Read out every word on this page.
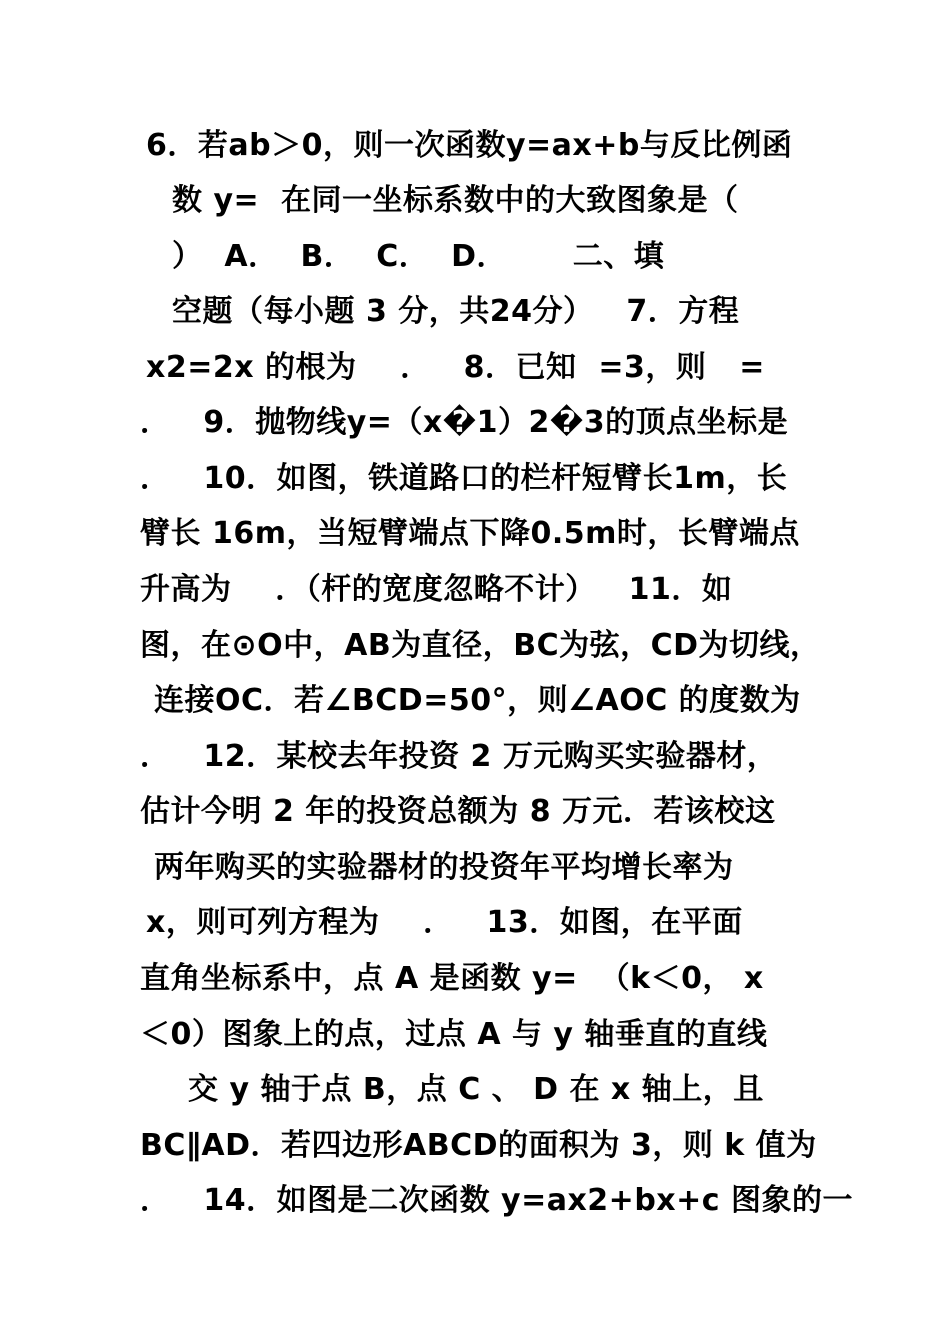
6．若ab＞0，则一次函数y=ax+b与反比例函
数 y=  在同一坐标系数中的大致图象是（
）  A．  B．  C．  D．      二、填
空题（每小题 3 分，共24分）   7．方程
x2=2x 的根为    ．   8．已知  =3，则   =
．   9．抛物线y=（x�1）2�3的顶点坐标是
．   10．如图，铁道路口的栏杆短臂长1m，长
臂长 16m，当短臂端点下降0.5m时，长臂端点
升高为    ．（杆的宽度忽略不计）   11．如
图，在⊙O中，AB为直径，BC为弦，CD为切线，
连接OC．若∠BCD=50°，则∠AOC 的度数为
．   12．某校去年投资 2 万元购买实验器材，
估计今明 2 年的投资总额为 8 万元．若该校这
两年购买的实验器材的投资年平均增长率为
x，则可列方程为    ．   13．如图，在平面
直角坐标系中，点 A 是函数 y=  （k＜0， x
＜0）图象上的点，过点 A 与 y 轴垂直的直线
交 y 轴于点 B，点 C 、 D 在 x 轴上，且
BC∥AD．若四边形ABCD的面积为 3，则 k 值为
．   14．如图是二次函数 y=ax2+bx+c 图象的一
